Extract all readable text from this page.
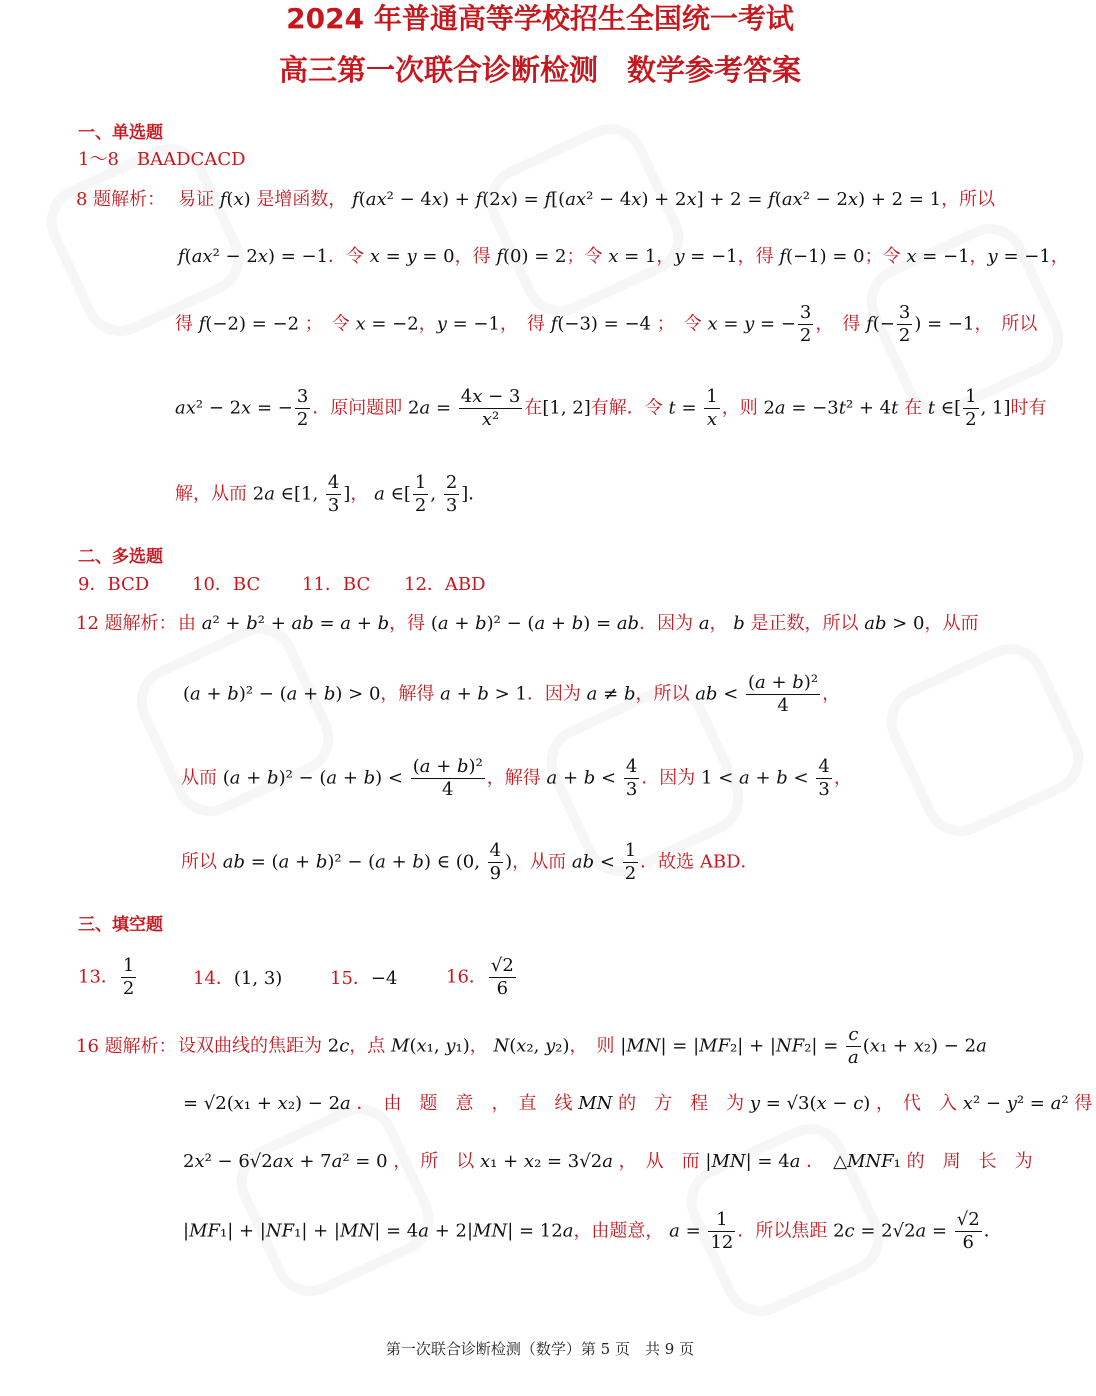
2024 年普通高等学校招生全国统一考试
高三第一次联合诊断检测　数学参考答案
一、单选题
1～8　BAADCACD
8 题解析： 易证 f(x) 是增函数， f(ax² − 4x) + f(2x) = f[(ax² − 4x) + 2x] + 2 = f(ax² − 2x) + 2 = 1，所以
f(ax² − 2x) = −1．令 x = y = 0，得 f(0) = 2；令 x = 1，y = −1，得 f(−1) = 0；令 x = −1，y = −1，
得 f(−2) = −2 ；　令 x = −2，y = −1，　得 f(−3) = −4 ；　令 x = y = − $\frac{3}{2}$ ，　得 $f(- \frac{3}{2}$ ) = −1，　所以
ax² − 2x = − $\frac{3}{2}$ ．原问题即 $2a = \frac{4x - 3}{\text{x²}}$ 在[1, 2]有解．令 $t = \frac{1}{x}$ ，则 2a = −3t² + 4t 在 t ∈[ $\frac{1}{2}$ , 1]时有
解，从而 2a ∈[1, $\frac{4}{3}$ ]， a ∈[ $\frac{1}{2}$ , $\frac{2}{3}$ ]．
二、多选题
9．BCD 10．BC 11．BC 12．ABD
12 题解析： 由 a² + b² + ab = a + b，得 (a + b)² − (a + b) = ab．因为 a， b 是正数，所以 ab > 0，从而
(a + b)² − (a + b) > 0，解得 a + b > 1．因为 a ≠ b，所以 ab < $\frac{\text{(a + b)²}}{4}$ ，
从而 $(a + b)^2 - (a + b) < \frac{\text{(a + b)²}}{4}$ ，解得 $a + b < \frac{4}{3}$ ．因为 $1 < a + b < \frac{4}{3}$ ，
所以 ab = (a + b)² − (a + b) ∈ (0, $\frac{4}{9}$ )，从而 ab < $\frac{1}{2}$ ．故选 ABD．
三、填空题
13． $\frac{1}{2}$	14．(1, 3)	15．−4	16． $\frac{√2}{6}$
16 题解析： 设双曲线的焦距为 2c，点 M(x₁, y₁)， N(x₂, y₂)，　则 $|MN| = |MF_2| + |NF_2| = \frac{c}{a} (x_1 + x_2) - 2a$
= √2(x₁ + x₂) − 2a ．　由　题　意　，　直　线 MN 的　方　程　为 y = √3(x − c) ，　代　入 x² − y² = a² 得
2x² − 6√2ax + 7a² = 0 ，　所　以 x₁ + x₂ = 3√2a ，　从　而 |MN| = 4a ．　△MNF₁ 的　周　长　为
|MF₁| + |NF₁| + |MN| = 4a + 2|MN| = 12a，由题意， $a = \frac{1}{12}$ ．所以焦距 $2c = 2√2a = \frac{√2}{6}$ ．
第一次联合诊断检测（数学）第 5 页　共 9 页
